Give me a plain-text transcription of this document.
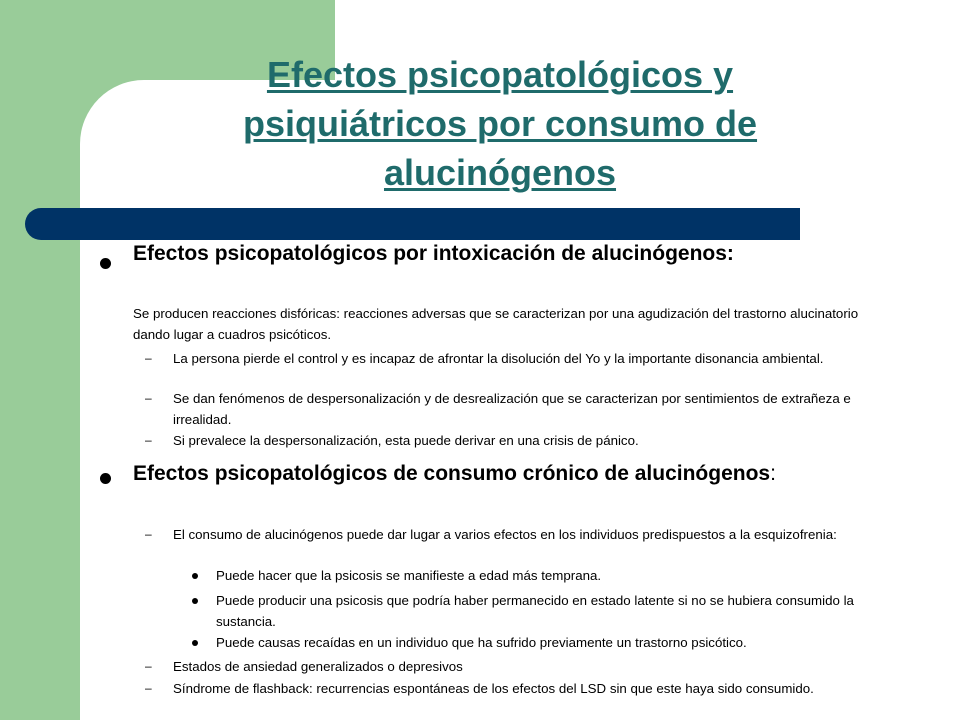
Efectos psicopatológicos y psiquiátricos por consumo de alucinógenos
Efectos psicopatológicos por intoxicación de alucinógenos:
Se producen reacciones disfóricas: reacciones adversas que se caracterizan por una agudización del trastorno alucinatorio dando lugar a cuadros psicóticos.
–	La persona pierde el control y es incapaz de afrontar la disolución del Yo y la importante disonancia ambiental.
–	Se dan fenómenos de despersonalización y de desrealización que se caracterizan por sentimientos de extrañeza e irrealidad.
–	Si prevalece la despersonalización, esta puede derivar en una crisis de pánico.
Efectos psicopatológicos de consumo crónico de alucinógenos:
–	El consumo de alucinógenos puede dar lugar a varios efectos en los individuos predispuestos a la esquizofrenia:
Puede hacer que la psicosis se manifieste a edad más temprana.
Puede producir una psicosis que podría haber permanecido en estado latente si no se hubiera consumido la sustancia.
Puede causas recaídas en un individuo que ha sufrido previamente un trastorno psicótico.
–	Estados de ansiedad generalizados o depresivos
–	Síndrome de flashback: recurrencias espontáneas de los efectos del LSD sin que este haya sido consumido.
